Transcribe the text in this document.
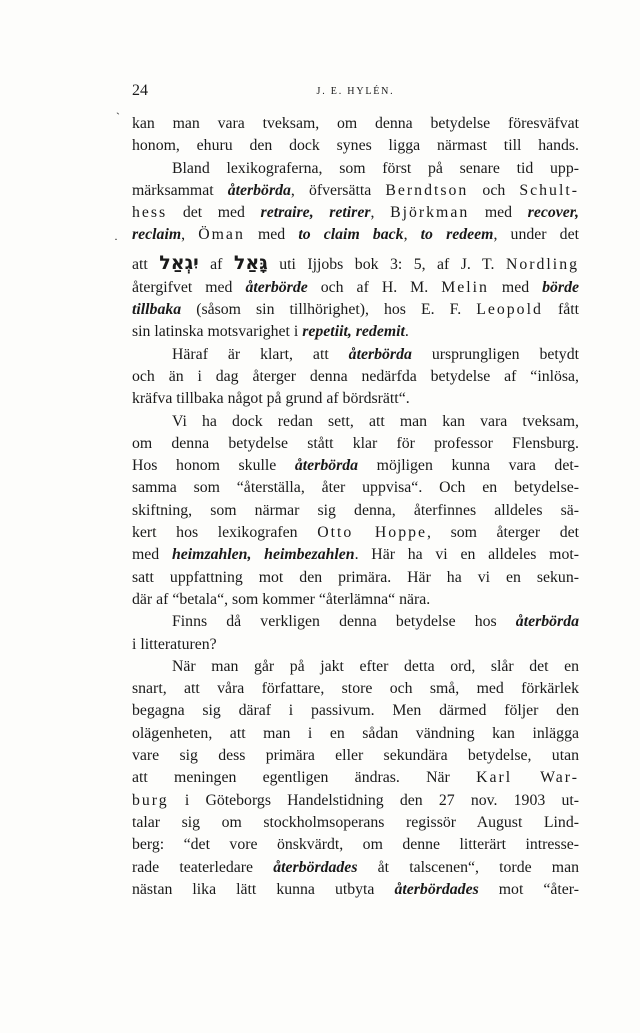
24	J. E. HYLÉN.
`
·
kan man vara tveksam, om denna betydelse föresväfvat
honom, ehuru den dock synes ligga närmast till hands.
Bland lexikograferna, som först på senare tid upp-
märksammat återbörda, öfversätta Berndtson och Schult-
hess det med retraire, retirer, Björkman med recover,
reclaim, Öman med to claim back, to redeem, under det
att יִגְאַל af גָּאַל uti Ijjobs bok 3: 5, af J. T. Nordling
återgifvet med återbörde och af H. M. Melin med börde
tillbaka (såsom sin tillhörighet), hos E. F. Leopold fått
sin latinska motsvarighet i repetiit, redemit.
Häraf är klart, att återbörda ursprungligen betydt
och än i dag återger denna nedärfda betydelse af “inlösa,
kräfva tillbaka något på grund af bördsrätt“.
Vi ha dock redan sett, att man kan vara tveksam,
om denna betydelse stått klar för professor Flensburg.
Hos honom skulle återbörda möjligen kunna vara det-
samma som “återställa, åter uppvisa“. Och en betydelse-
skiftning, som närmar sig denna, återfinnes alldeles sä-
kert hos lexikografen Otto Hoppe, som återger det
med heimzahlen, heimbezahlen. Här ha vi en alldeles mot-
satt uppfattning mot den primära. Här ha vi en sekun-
där af “betala“, som kommer “återlämna“ nära.
Finns då verkligen denna betydelse hos återbörda
i litteraturen?
När man går på jakt efter detta ord, slår det en
snart, att våra författare, store och små, med förkärlek
begagna sig däraf i passivum. Men därmed följer den
olägenheten, att man i en sådan vändning kan inlägga
vare sig dess primära eller sekundära betydelse, utan
att meningen egentligen ändras. När Karl War-
burg i Göteborgs Handelstidning den 27 nov. 1903 ut-
talar sig om stockholmsoperans regissör August Lind-
berg: “det vore önskvärdt, om denne litterärt intresse-
rade teaterledare återbördades åt talscenen“, torde man
nästan lika lätt kunna utbyta återbördades mot “åter-
